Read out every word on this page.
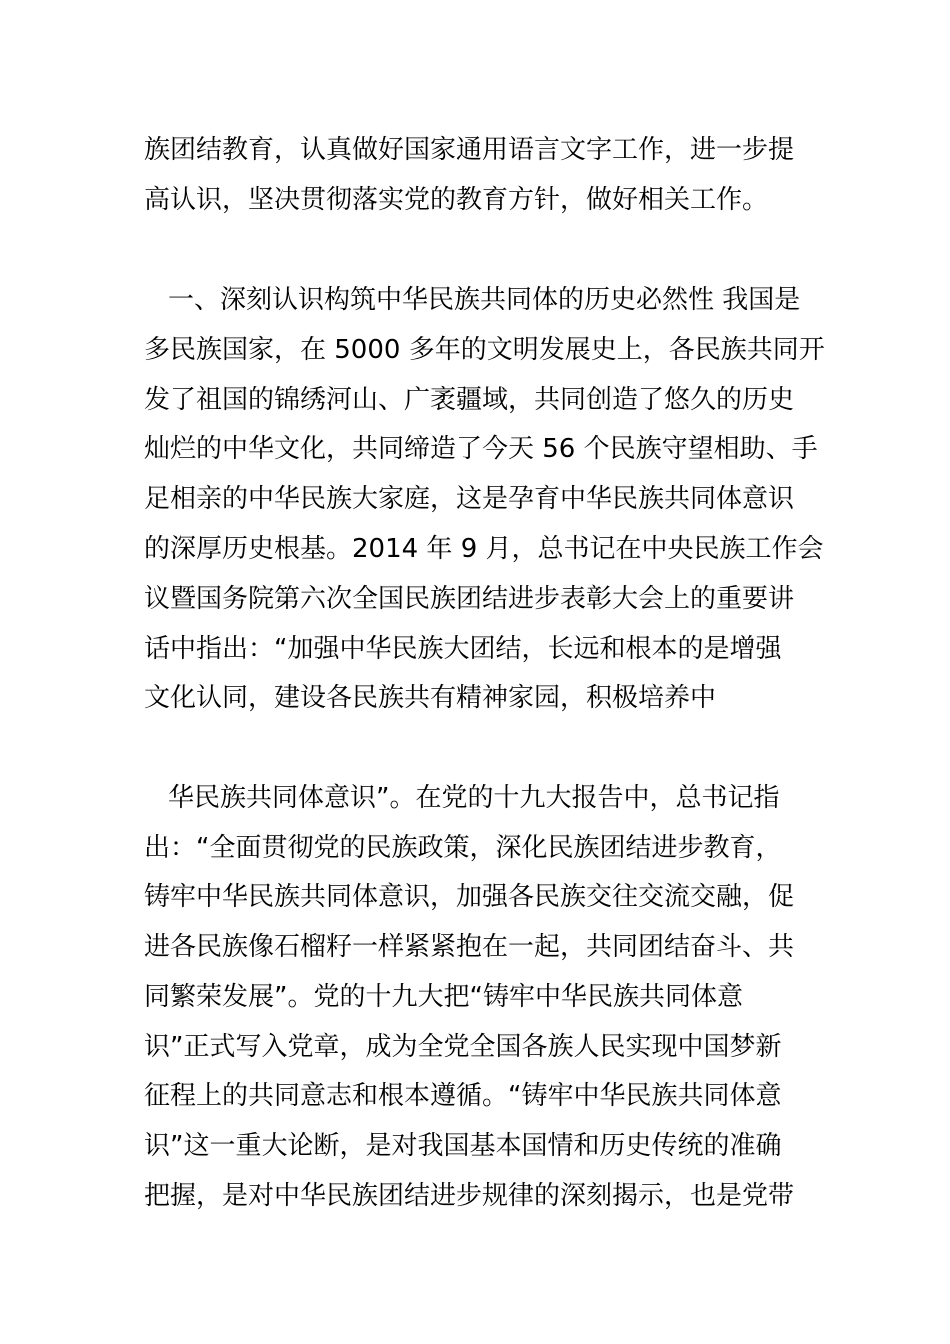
族团结教育，认真做好国家通用语言文字工作，进一步提
高认识，坚决贯彻落实党的教育方针，做好相关工作。
一、深刻认识构筑中华民族共同体的历史必然性 我国是
多民族国家，在 5000 多年的文明发展史上，各民族共同开
发了祖国的锦绣河山、广袤疆域，共同创造了悠久的历史
灿烂的中华文化，共同缔造了今天 56 个民族守望相助、手
足相亲的中华民族大家庭，这是孕育中华民族共同体意识
的深厚历史根基。2014 年 9 月，总书记在中央民族工作会
议暨国务院第六次全国民族团结进步表彰大会上的重要讲
话中指出：“加强中华民族大团结，长远和根本的是增强
文化认同，建设各民族共有精神家园，积极培养中
华民族共同体意识”。在党的十九大报告中，总书记指
出：“全面贯彻党的民族政策，深化民族团结进步教育，
铸牢中华民族共同体意识，加强各民族交往交流交融，促
进各民族像石榴籽一样紧紧抱在一起，共同团结奋斗、共
同繁荣发展”。党的十九大把“铸牢中华民族共同体意
识”正式写入党章，成为全党全国各族人民实现中国梦新
征程上的共同意志和根本遵循。“铸牢中华民族共同体意
识”这一重大论断，是对我国基本国情和历史传统的准确
把握，是对中华民族团结进步规律的深刻揭示，也是党带
